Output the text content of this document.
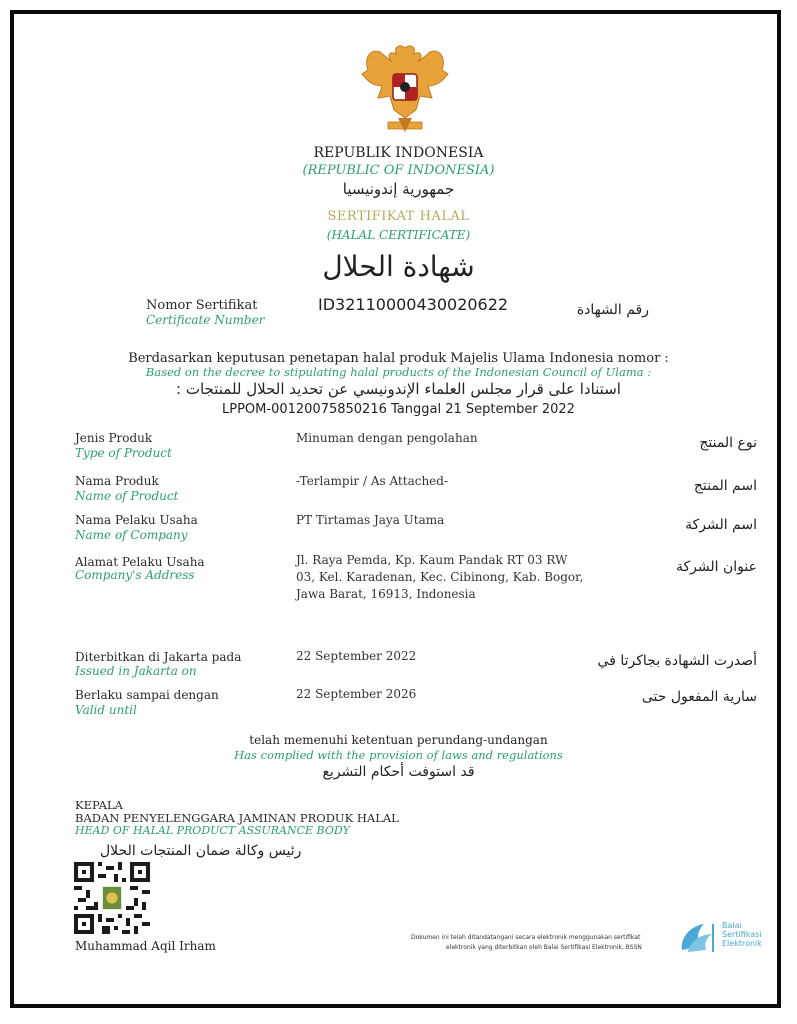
REPUBLIK INDONESIA
(REPUBLIC OF INDONESIA)
جمهورية إندونيسيا
SERTIFIKAT HALAL
(HALAL CERTIFICATE)
شهادة الحلال
Nomor Sertifikat
Certificate Number
ID32110000430020622	رقم الشهادة
Berdasarkan keputusan penetapan halal produk Majelis Ulama Indonesia nomor :
Based on the decree to stipulating halal products of the Indonesian Council of Ulama :
استنادا على قرار مجلس العلماء الإندونيسي عن تحديد الحلال للمنتجات :
LPPOM-0012007585021​6 Tanggal 21 September 2022
Jenis Produk
Type of Product
Minuman dengan pengolahan	نوع المنتج
Nama Produk
Name of Product
-Terlampir / As Attached-	اسم المنتج
Nama Pelaku Usaha
Name of Company
PT Tirtamas Jaya Utama	اسم الشركة
Alamat Pelaku Usaha
Company's Address
Jl. Raya Pemda, Kp. Kaum Pandak RT 03 RW
03, Kel. Karadenan, Kec. Cibinong, Kab. Bogor,
Jawa Barat, 16913, Indonesia
عنوان الشركة
Diterbitkan di Jakarta pada
Issued in Jakarta on
22 September 2022	أصدرت الشهادة بجاكرتا في
Berlaku sampai dengan
Valid until
22 September 2026	سارية المفعول حتى
telah memenuhi ketentuan perundang-undangan
Has complied with the provision of laws and regulations
قد استوفت أحكام التشريع
KEPALA
BADAN PENYELENGGARA JAMINAN PRODUK HALAL
HEAD OF HALAL PRODUCT ASSURANCE BODY
رئيس وكالة ضمان المنتجات الحلال
Muhammad Aqil Irham
Dokumen ini telah ditandatangani secara elektronik menggunakan sertifikat
elektronik yang diterbitkan oleh Balai Sertifikasi Elektronik, BSSN
Balai
Sertifikasi
Elektronik
